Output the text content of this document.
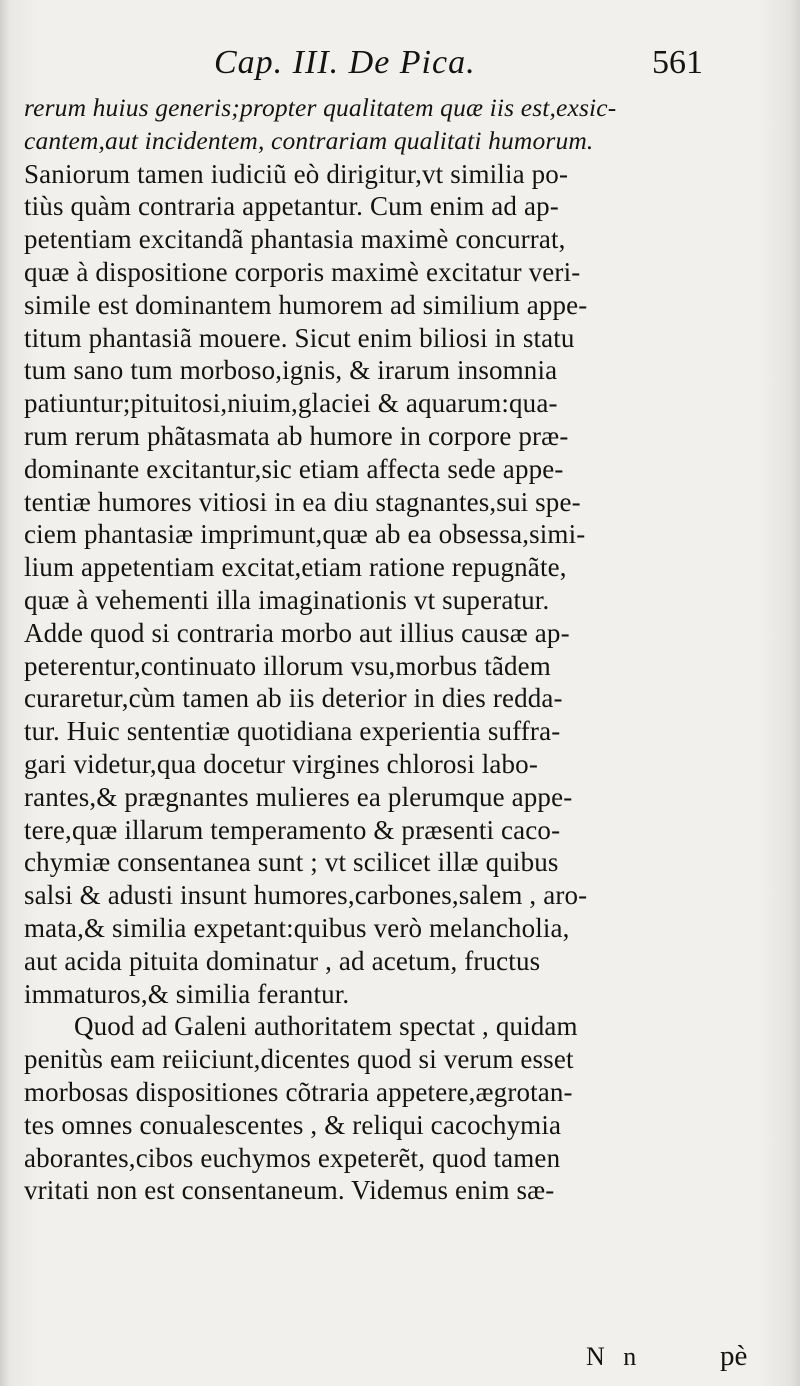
Cap. III. De Pica.	561
rerum huius generis;propter qualitatem quæ iis est,exsic-
cantem,aut incidentem, contrariam qualitati humorum.
Saniorum tamen iudiciũ eò dirigitur,vt similia po-
tiùs quàm contraria appetantur. Cum enim ad ap-
petentiam excitandã phantasia maximè concurrat,
quæ à dispositione corporis maximè excitatur veri-
simile est dominantem humorem ad similium appe-
titum phantasiã mouere. Sicut enim biliosi in statu
tum sano tum morboso,ignis, & irarum insomnia
patiuntur;pituitosi,niuim,glaciei & aquarum:qua-
rum rerum phãtasmata ab humore in corpore præ-
dominante excitantur,sic etiam affecta sede appe-
tentiæ humores vitiosi in ea diu stagnantes,sui spe-
ciem phantasiæ imprimunt,quæ ab ea obsessa,simi-
lium appetentiam excitat,etiam ratione repugnãte,
quæ à vehementi illa imaginationis vt superatur.
Adde quod si contraria morbo aut illius causæ ap-
peterentur,continuato illorum vsu,morbus tãdem
curaretur,cùm tamen ab iis deterior in dies redda-
tur. Huic sententiæ quotidiana experientia suffra-
gari videtur,qua docetur virgines chlorosi labo-
rantes,& prægnantes mulieres ea plerumque appe-
tere,quæ illarum temperamento & præsenti caco-
chymiæ consentanea sunt ; vt scilicet illæ quibus
salsi & adusti insunt humores,carbones,salem , aro-
mata,& similia expetant:quibus verò melancholia,
aut acida pituita dominatur , ad acetum, fructus
immaturos,& similia ferantur.
Quod ad Galeni authoritatem spectat , quidam
penitùs eam reiiciunt,dicentes quod si verum esset
morbosas dispositiones cõtraria appetere,ægrotan-
tes omnes conualescentes , & reliqui cacochymia
aborantes,cibos euchymos expeterẽt, quod tamen
vritati non est consentaneum. Videmus enim sæ-
N n	pè
